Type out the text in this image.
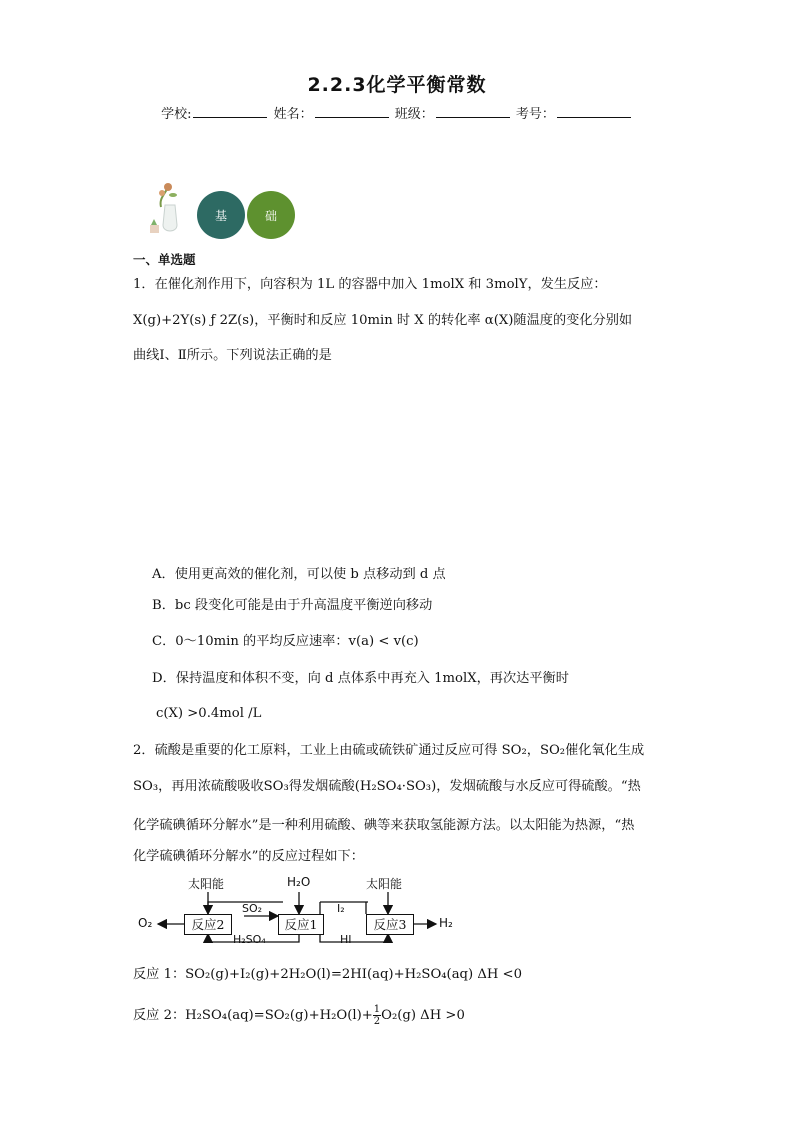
2.2.3化学平衡常数
学校:	姓名：	班级：	考号：
基	础	巩	固
一、单选题
1．在催化剂作用下，向容积为 1L 的容器中加入 1molX 和 3molY，发生反应：
X(g)+2Y(s) ƒ 2Z(s)，平衡时和反应 10min 时 X 的转化率 α(X)随温度的变化分别如
曲线Ⅰ、Ⅱ所示。下列说法正确的是
A．使用更高效的催化剂，可以使 b 点移动到 d 点
B．bc 段变化可能是由于升高温度平衡逆向移动
C．0～10min 的平均反应速率：v(a) < v(c)
D．保持温度和体积不变，向 d 点体系中再充入 1molX，再次达平衡时
c(X) >0.4mol /L
2．硫酸是重要的化工原料，工业上由硫或硫铁矿通过反应可得 SO₂，SO₂催化氧化生成
SO₃，再用浓硫酸吸收SO₃得发烟硫酸(H₂SO₄·SO₃)，发烟硫酸与水反应可得硫酸。“热
化学硫碘循环分解水”是一种利用硫酸、碘等来获取氢能源方法。以太阳能为热源，“热
化学硫碘循环分解水”的反应过程如下：
反应2	反应1	反应3
太阳能	H₂O	太阳能
SO₂	I₂
H₂SO₄	HI
O₂	H₂
反应 1：SO₂(g)+I₂(g)+2H₂O(l)=2HI(aq)+H₂SO₄(aq) ΔH <0
反应 2：$H_2SO_4(aq)=SO_2(g)+H_2O(l)+ \frac{1}{2} O_2(g)$ ΔH >0
